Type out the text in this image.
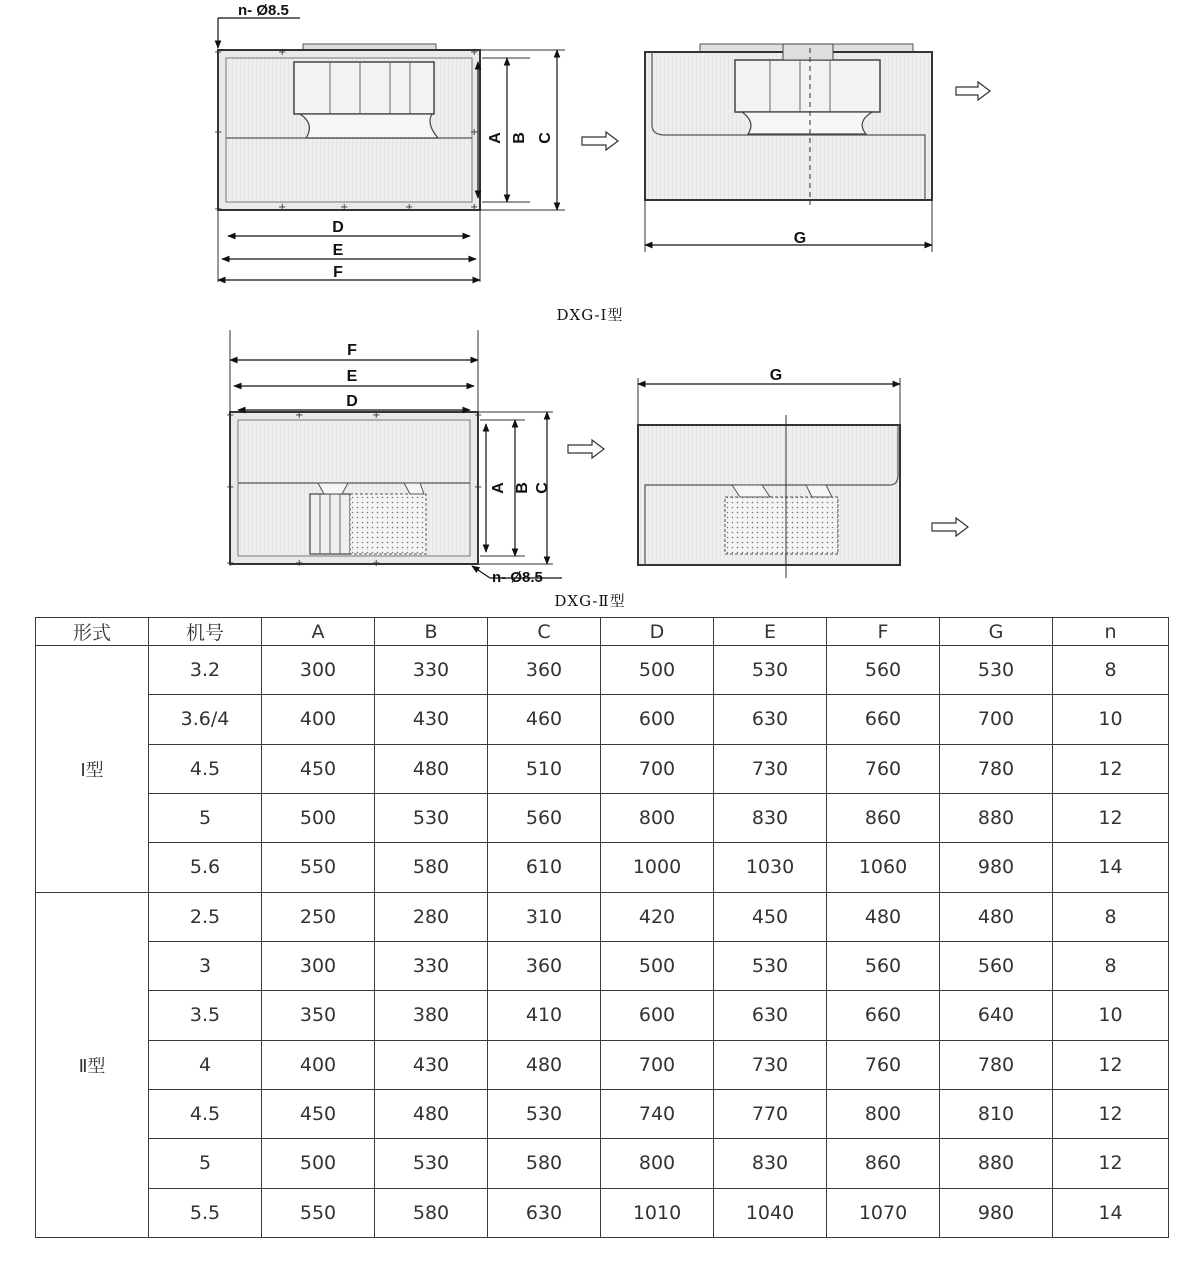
+
+
+	+	+	+	+
+	+
+
n- Ø8.5
A B C
D
E
F
G
DXG-Ⅰ型
+
+
+
+	+	+
+	+
+
n- Ø8.5
A B C
F
E
D
G
DXG-Ⅱ型
形式	机号	A	B	C	D	E	F	G	n
Ⅰ型	3.2	300	330	360	500	530	560	530	8
	3.6/4	400	430	460	600	630	660	700	10
	4.5	450	480	510	700	730	760	780	12
	5	500	530	560	800	830	860	880	12
	5.6	550	580	610	1000	1030	1060	980	14
Ⅱ型	2.5	250	280	310	420	450	480	480	8
	3	300	330	360	500	530	560	560	8
	3.5	350	380	410	600	630	660	640	10
	4	400	430	480	700	730	760	780	12
	4.5	450	480	530	740	770	800	810	12
	5	500	530	580	800	830	860	880	12
	5.5	550	580	630	1010	1040	1070	980	14
